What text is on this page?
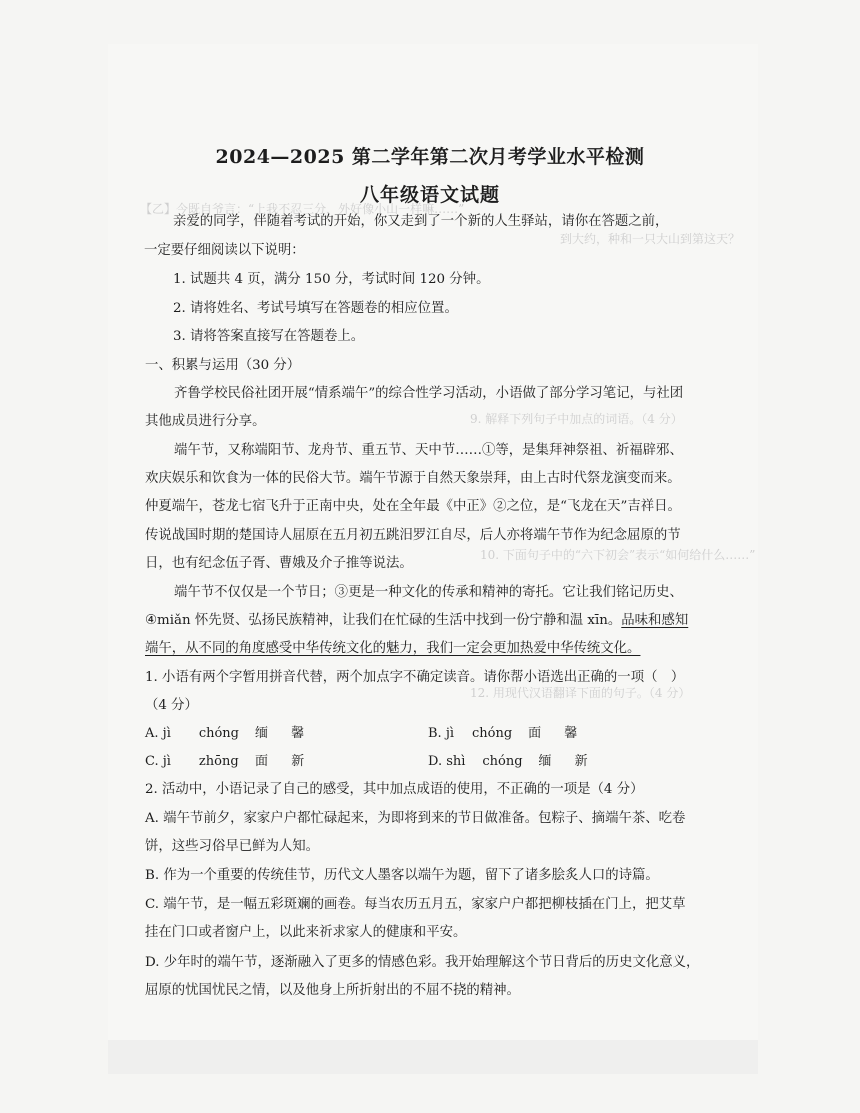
【乙】今既自爷言：“上我不忍三分，外好像小山一样嘛……”
到大约，种和一只大山到第这天？
9. 解释下列句子中加点的词语。（4 分）
10. 下面句子中的“六下初会”表示“如何给什么……”
12. 用现代汉语翻译下面的句子。（4 分）
2024—2025 第二学年第二次月考学业水平检测
八年级语文试题
亲爱的同学，伴随着考试的开始，你又走到了一个新的人生驿站，请你在答题之前，
一定要仔细阅读以下说明：
1. 试题共 4 页，满分 150 分，考试时间 120 分钟。
2. 请将姓名、考试号填写在答题卷的相应位置。
3. 请将答案直接写在答题卷上。
一、积累与运用（30 分）
齐鲁学校民俗社团开展“情系端午”的综合性学习活动，小语做了部分学习笔记，与社团
其他成员进行分享。
端午节，又称端阳节、龙舟节、重五节、天中节……①等，是集拜神祭祖、祈福辟邪、
欢庆娱乐和饮食为一体的民俗大节。端午节源于自然天象崇拜，由上古时代祭龙演变而来。
仲夏端午，苍龙七宿飞升于正南中央，处在全年最《中正》②之位，是“飞龙在天”吉祥日。
传说战国时期的楚国诗人屈原在五月初五跳汨罗江自尽，后人亦将端午节作为纪念屈原的节
日，也有纪念伍子胥、曹娥及介子推等说法。
端午节不仅仅是一个节日；③更是一种文化的传承和精神的寄托。它让我们铭记历史、
④miǎn 怀先贤、弘扬民族精神，让我们在忙碌的生活中找到一份宁静和温 xīn。品味和感知
端午，从不同的角度感受中华传统文化的魅力，我们一定会更加热爱中华传统文化。
1. 小语有两个字暂用拼音代替，两个加点字不确定读音。请你帮小语选出正确的一项（　）
（4 分）
A. jì chóng 缅 馨	B. jì chóng 面 馨
C. jì zhōng 面 新	D. shì chóng 缅 新
2. 活动中，小语记录了自己的感受，其中加点成语的使用，不正确的一项是（4 分）
A. 端午节前夕，家家户户都忙碌起来，为即将到来的节日做准备。包粽子、摘端午茶、吃卷
饼，这些习俗早已鲜为人知。
B. 作为一个重要的传统佳节，历代文人墨客以端午为题，留下了诸多脍炙人口的诗篇。
C. 端午节，是一幅五彩斑斓的画卷。每当农历五月五，家家户户都把柳枝插在门上，把艾草
挂在门口或者窗户上，以此来祈求家人的健康和平安。
D. 少年时的端午节，逐渐融入了更多的情感色彩。我开始理解这个节日背后的历史文化意义，
屈原的忧国忧民之情，以及他身上所折射出的不屈不挠的精神。
